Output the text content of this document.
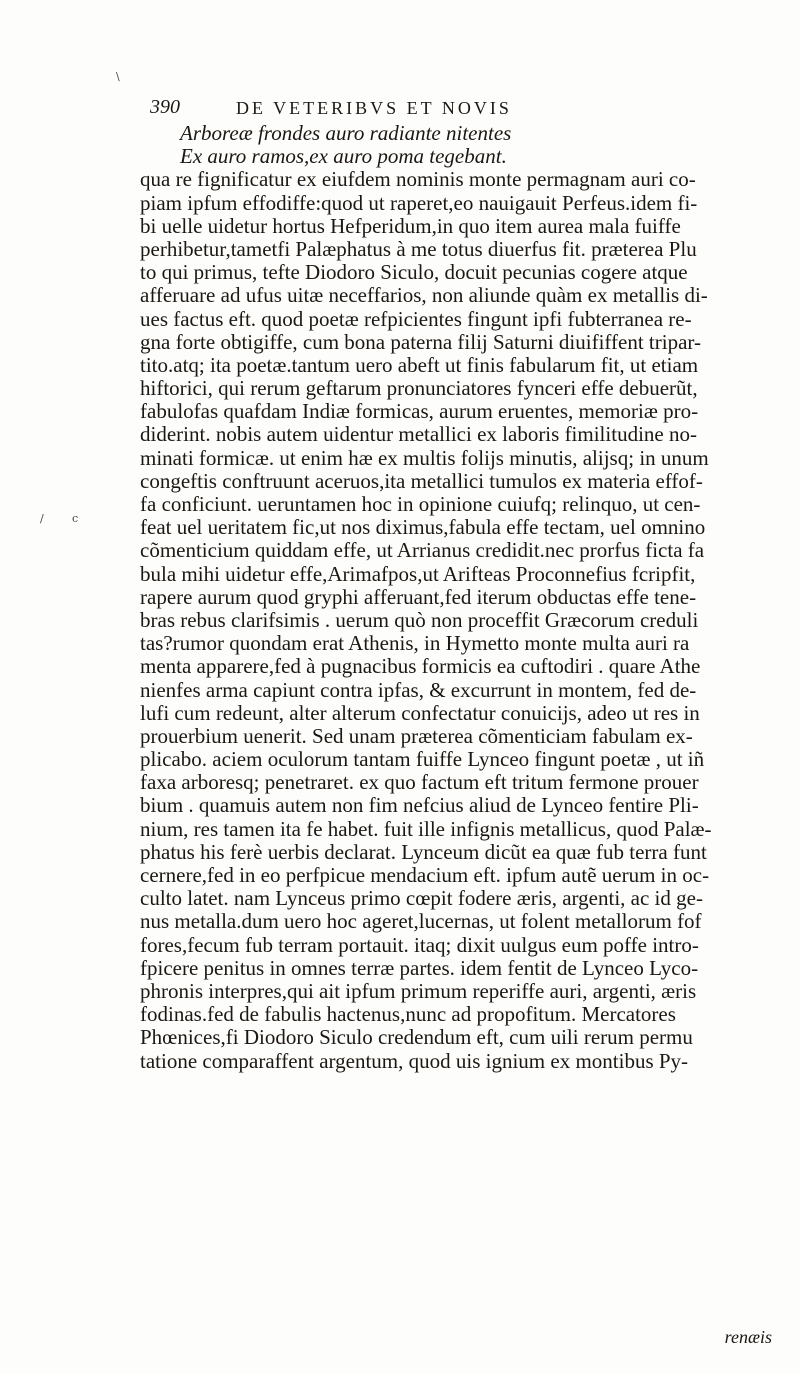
\
/	c
390	DE VETERIBVS ET NOVIS
Arboreæ frondes auro radiante nitentes
Ex auro ramos,ex auro poma tegebant.
qua re fignificatur ex eiufdem nominis monte permagnam auri co-
piam ipfum effodiffe:quod ut raperet,eo nauigauit Perfeus.idem fi-
bi uelle uidetur hortus Hefperidum,in quo item aurea mala fuiffe
perhibetur,tametfi Palæphatus à me totus diuerfus fit. præterea Plu
to qui primus, tefte Diodoro Siculo, docuit pecunias cogere atque
afferuare ad ufus uitæ neceffarios, non aliunde quàm ex metallis di-
ues factus eft. quod poetæ refpicientes fingunt ipfi fubterranea re-
gna forte obtigiffe, cum bona paterna filij Saturni diuififfent tripar-
tito.atq; ita poetæ.tantum uero abeft ut finis fabularum fit, ut etiam
hiftorici, qui rerum geftarum pronunciatores fynceri effe debuerũt,
fabulofas quafdam Indiæ formicas, aurum eruentes, memoriæ pro-
diderint. nobis autem uidentur metallici ex laboris fimilitudine no-
minati formicæ. ut enim hæ ex multis folijs minutis, alijsq; in unum
congeftis conftruunt aceruos,ita metallici tumulos ex materia effof-
fa conficiunt. ueruntamen hoc in opinione cuiufq; relinquo, ut cen-
feat uel ueritatem fic,ut nos diximus,fabula effe tectam, uel omnino
cõmenticium quiddam effe, ut Arrianus credidit.nec prorfus ficta fa
bula mihi uidetur effe,Arimafpos,ut Arifteas Proconnefius fcripfit,
rapere aurum quod gryphi afferuant,fed iterum obductas effe tene-
bras rebus clarifsimis . uerum quò non proceffit Græcorum creduli
tas?rumor quondam erat Athenis, in Hymetto monte multa auri ra
menta apparere,fed à pugnacibus formicis ea cuftodiri . quare Athe
nienfes arma capiunt contra ipfas, & excurrunt in montem, fed de-
lufi cum redeunt, alter alterum confectatur conuicijs, adeo ut res in
prouerbium uenerit. Sed unam præterea cõmenticiam fabulam ex-
plicabo. aciem oculorum tantam fuiffe Lynceo fingunt poetæ , ut iñ
faxa arboresq; penetraret. ex quo factum eft tritum fermone prouer
bium . quamuis autem non fim nefcius aliud de Lynceo fentire Pli-
nium, res tamen ita fe habet. fuit ille infignis metallicus, quod Palæ-
phatus his ferè uerbis declarat. Lynceum dicũt ea quæ fub terra funt
cernere,fed in eo perfpicue mendacium eft. ipfum autẽ uerum in oc-
culto latet. nam Lynceus primo cœpit fodere æris, argenti, ac id ge-
nus metalla.dum uero hoc ageret,lucernas, ut folent metallorum fof
fores,fecum fub terram portauit. itaq; dixit uulgus eum poffe intro-
fpicere penitus in omnes terræ partes. idem fentit de Lynceo Lyco-
phronis interpres,qui ait ipfum primum reperiffe auri, argenti, æris
fodinas.fed de fabulis hactenus,nunc ad propofitum. Mercatores
Phœnices,fi Diodoro Siculo credendum eft, cum uili rerum permu
tatione comparaffent argentum, quod uis ignium ex montibus Py-
renæis
